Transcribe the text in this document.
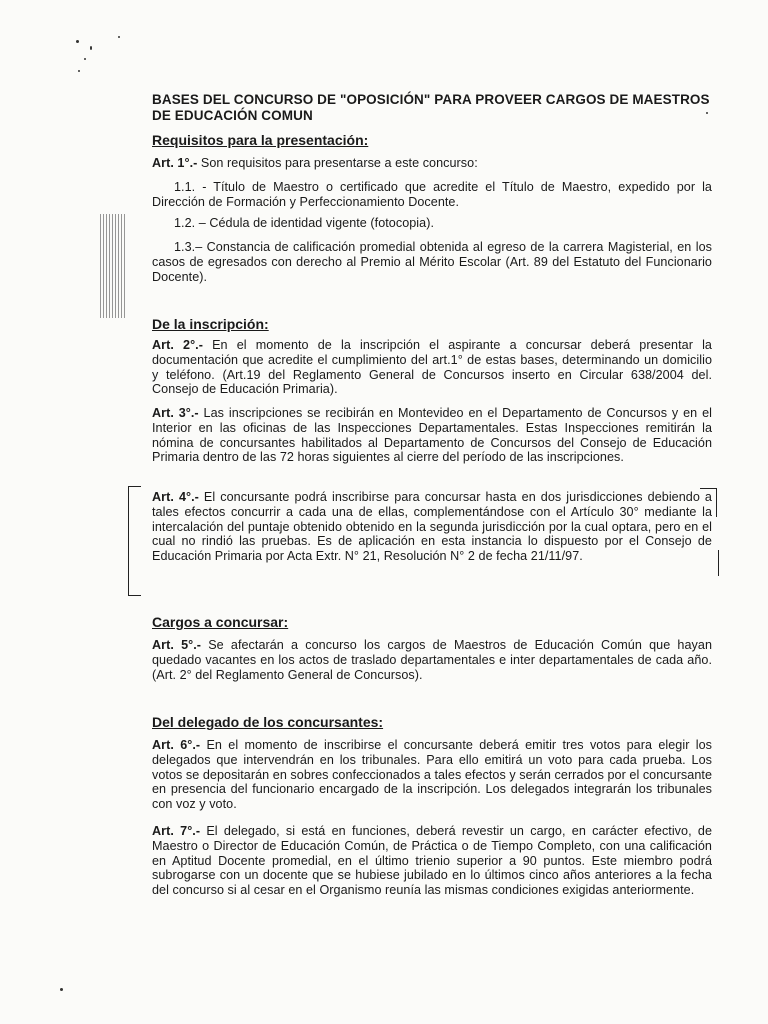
BASES DEL CONCURSO DE "OPOSICIÓN" PARA PROVEER CARGOS DE MAESTROS DE EDUCACIÓN COMUN
Requisitos para la presentación:
Art. 1°.- Son requisitos para presentarse a este concurso:
1.1. - Título de Maestro o certificado que acredite el Título de Maestro, expedido por la Dirección de Formación y Perfeccionamiento Docente.
1.2. – Cédula de identidad vigente (fotocopia).
1.3.– Constancia de calificación promedial obtenida al egreso de la carrera Magisterial, en los casos de egresados con derecho al Premio al Mérito Escolar (Art. 89 del Estatuto del Funcionario Docente).
De la inscripción:
Art. 2°.- En el momento de la inscripción el aspirante a concursar deberá presentar la documentación que acredite el cumplimiento del art.1° de estas bases, determinando un domicilio y teléfono. (Art.19 del Reglamento General de Concursos inserto en Circular 638/2004 del. Consejo de Educación Primaria).
Art. 3°.- Las inscripciones se recibirán en Montevideo en el Departamento de Concursos y en el Interior en las oficinas de las Inspecciones Departamentales. Estas Inspecciones remitirán la nómina de concursantes habilitados al Departamento de Concursos del Consejo de Educación Primaria dentro de las 72 horas siguientes al cierre del período de las inscripciones.
Art. 4°.- El concursante podrá inscribirse para concursar hasta en dos jurisdicciones debiendo a tales efectos concurrir a cada una de ellas, complementándose con el Artículo 30° mediante la intercalación del puntaje obtenido obtenido en la segunda jurisdicción por la cual optara, pero en el cual no rindió las pruebas. Es de aplicación en esta instancia lo dispuesto por el Consejo de Educación Primaria por Acta Extr. N° 21, Resolución N° 2 de fecha 21/11/97.
Cargos a concursar:
Art. 5°.- Se afectarán a concurso los cargos de Maestros de Educación Común que hayan quedado vacantes en los actos de traslado departamentales e inter departamentales de cada año. (Art. 2° del Reglamento General de Concursos).
Del delegado de los concursantes:
Art. 6°.- En el momento de inscribirse el concursante deberá emitir tres votos para elegir los delegados que intervendrán en los tribunales. Para ello emitirá un voto para cada prueba. Los votos se depositarán en sobres confeccionados a tales efectos y serán cerrados por el concursante en presencia del funcionario encargado de la inscripción. Los delegados integrarán los tribunales con voz y voto.
Art. 7°.- El delegado, si está en funciones, deberá revestir un cargo, en carácter efectivo, de Maestro o Director de Educación Común, de Práctica o de Tiempo Completo, con una calificación en Aptitud Docente promedial, en el último trienio superior a 90 puntos. Este miembro podrá subrogarse con un docente que se hubiese jubilado en lo últimos cinco años anteriores a la fecha del concurso si al cesar en el Organismo reunía las mismas condiciones exigidas anteriormente.
